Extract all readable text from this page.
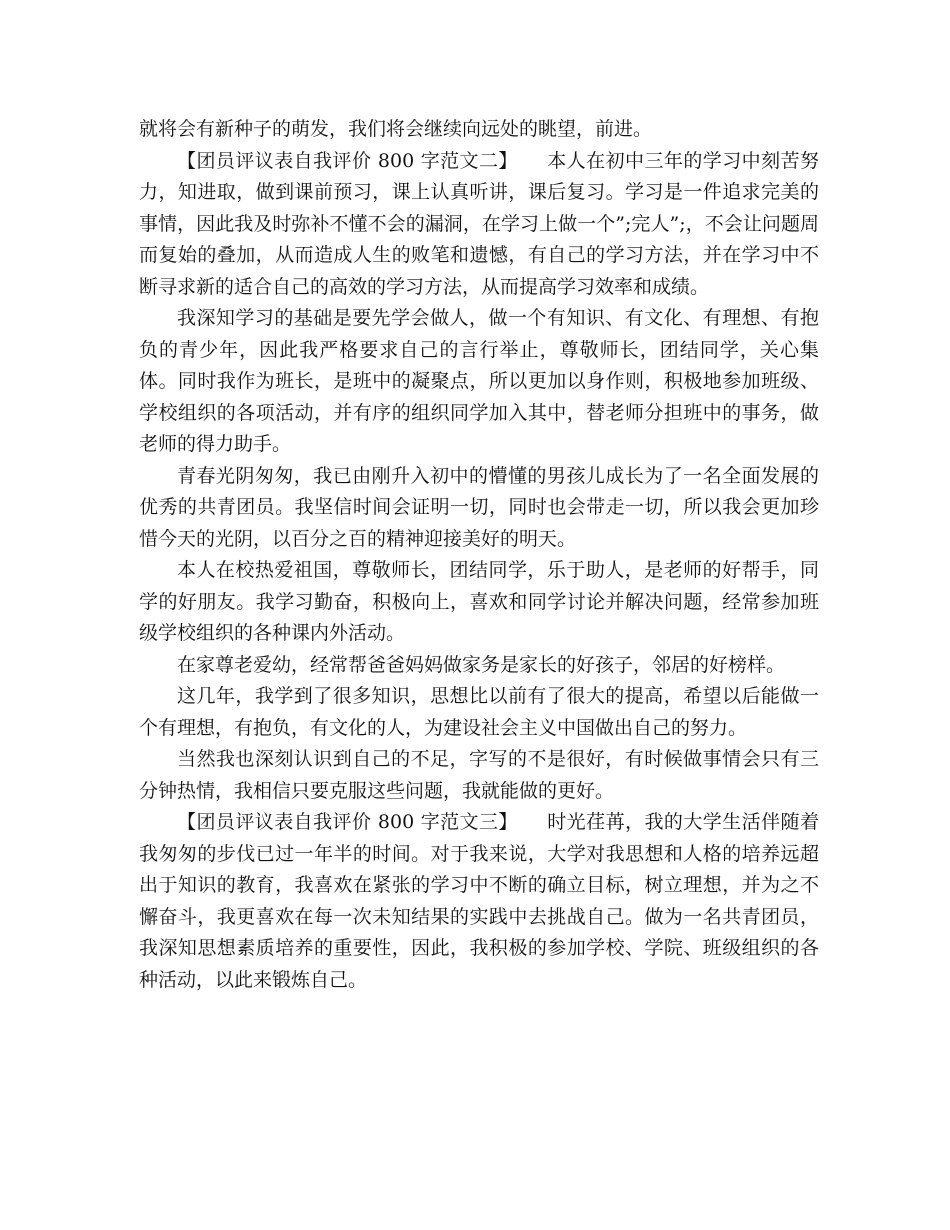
就将会有新种子的萌发，我们将会继续向远处的眺望，前进。

【团员评议表自我评价 800 字范文二】　　本人在初中三年的学习中刻苦努力，知进取，做到课前预习，课上认真听讲，课后复习。学习是一件追求完美的事情，因此我及时弥补不懂不会的漏洞，在学习上做一个”;完人”;，不会让问题周而复始的叠加，从而造成人生的败笔和遗憾，有自己的学习方法，并在学习中不断寻求新的适合自己的高效的学习方法，从而提高学习效率和成绩。

我深知学习的基础是要先学会做人，做一个有知识、有文化、有理想、有抱负的青少年，因此我严格要求自己的言行举止，尊敬师长，团结同学，关心集体。同时我作为班长，是班中的凝聚点，所以更加以身作则，积极地参加班级、学校组织的各项活动，并有序的组织同学加入其中，替老师分担班中的事务，做老师的得力助手。

青春光阴匆匆，我已由刚升入初中的懵懂的男孩儿成长为了一名全面发展的优秀的共青团员。我坚信时间会证明一切，同时也会带走一切，所以我会更加珍惜今天的光阴，以百分之百的精神迎接美好的明天。

本人在校热爱祖国，尊敬师长，团结同学，乐于助人，是老师的好帮手，同学的好朋友。我学习勤奋，积极向上，喜欢和同学讨论并解决问题，经常参加班级学校组织的各种课内外活动。

在家尊老爱幼，经常帮爸爸妈妈做家务是家长的好孩子，邻居的好榜样。

这几年，我学到了很多知识，思想比以前有了很大的提高，希望以后能做一个有理想，有抱负，有文化的人，为建设社会主义中国做出自己的努力。

当然我也深刻认识到自己的不足，字写的不是很好，有时候做事情会只有三分钟热情，我相信只要克服这些问题，我就能做的更好。

【团员评议表自我评价 800 字范文三】　　时光荏苒，我的大学生活伴随着我匆匆的步伐已过一年半的时间。对于我来说，大学对我思想和人格的培养远超出于知识的教育，我喜欢在紧张的学习中不断的确立目标，树立理想，并为之不懈奋斗，我更喜欢在每一次未知结果的实践中去挑战自己。做为一名共青团员，我深知思想素质培养的重要性，因此，我积极的参加学校、学院、班级组织的各种活动，以此来锻炼自己。
